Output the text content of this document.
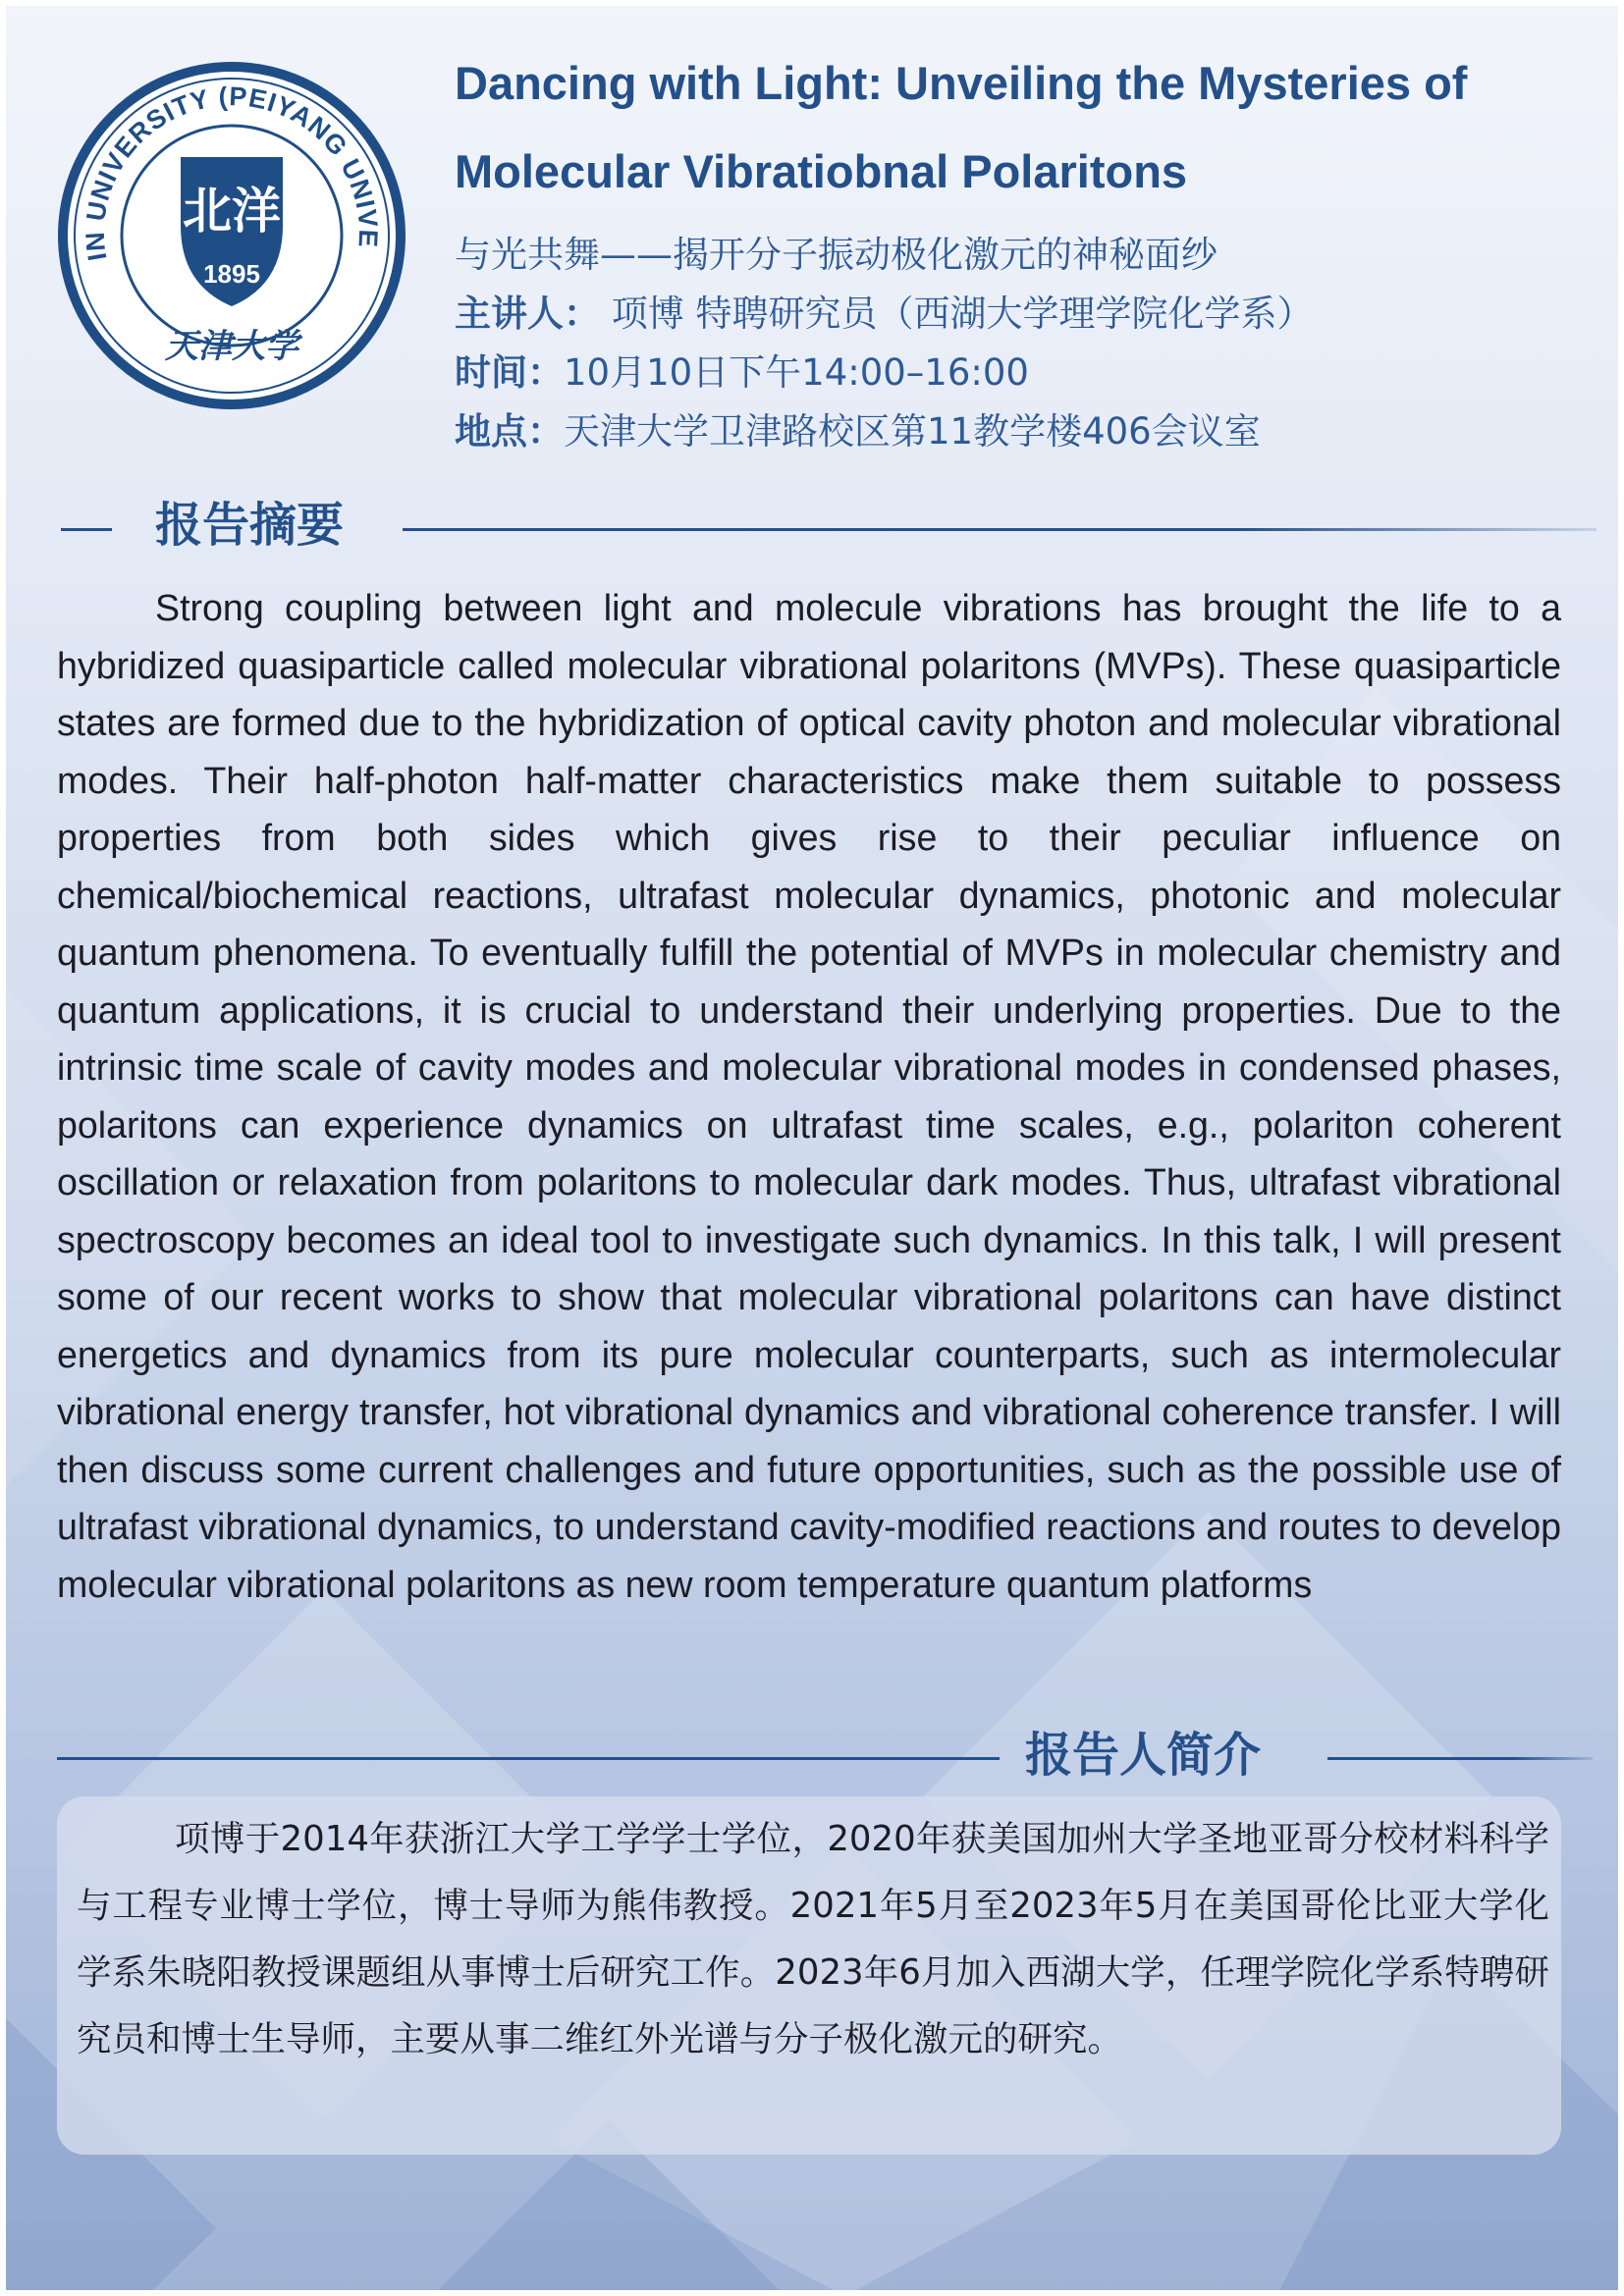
IN UNIVERSITY (PEIYANG UNIVE
北洋
1895
天津大学

Dancing with Light: Unveiling the Mysteries of

Molecular Vibratiobnal Polaritons

与光共舞——揭开分子振动极化激元的神秘面纱

主讲人： 项博 特聘研究员（西湖大学理学院化学系）

时间：10月10日下午14:00–16:00

地点：天津大学卫津路校区第11教学楼406会议室

报告摘要

Strong coupling between light and molecule vibrations has brought the life to a hybridized quasiparticle called molecular vibrational polaritons (MVPs). These quasiparticle states are formed due to the hybridization of optical cavity photon and molecular vibrational modes. Their half-photon half-matter characteristics make them suitable to possess properties from both sides which gives rise to their peculiar influence on chemical/biochemical reactions, ultrafast molecular dynamics, photonic and molecular quantum phenomena. To eventually fulfill the potential of MVPs in molecular chemistry and quantum applications, it is crucial to understand their underlying properties. Due to the intrinsic time scale of cavity modes and molecular vibrational modes in condensed phases, polaritons can experience dynamics on ultrafast time scales, e.g., polariton coherent oscillation or relaxation from polaritons to molecular dark modes. Thus, ultrafast vibrational spectroscopy becomes an ideal tool to investigate such dynamics. In this talk, I will present some of our recent works to show that molecular vibrational polaritons can have distinct energetics and dynamics from its pure molecular counterparts, such as intermolecular vibrational energy transfer, hot vibrational dynamics and vibrational coherence transfer. I will then discuss some current challenges and future opportunities, such as the possible use of ultrafast vibrational dynamics, to understand cavity-modified reactions and routes to develop molecular vibrational polaritons as new room temperature quantum platforms

报告人简介

项博于2014年获浙江大学工学学士学位，2020年获美国加州大学圣地亚哥分校材料科学与工程专业博士学位，博士导师为熊伟教授。2021年5月至2023年5月在美国哥伦比亚大学化学系朱晓阳教授课题组从事博士后研究工作。2023年6月加入西湖大学，任理学院化学系特聘研究员和博士生导师，主要从事二维红外光谱与分子极化激元的研究。
